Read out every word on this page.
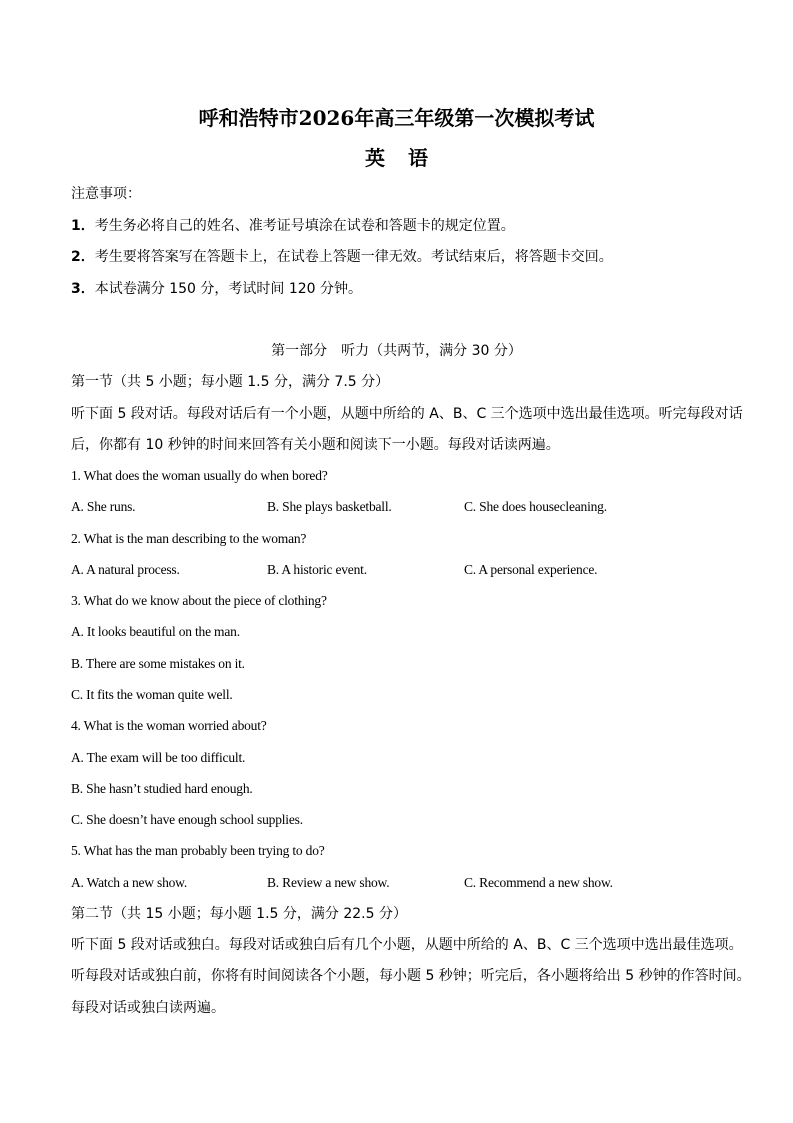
呼和浩特市2026年高三年级第一次模拟考试
英 语
注意事项：
1．考生务必将自己的姓名、准考证号填涂在试卷和答题卡的规定位置。
2．考生要将答案写在答题卡上，在试卷上答题一律无效。考试结束后，将答题卡交回。
3．本试卷满分 150 分，考试时间 120 分钟。
第一部分　听力（共两节，满分 30 分）
第一节（共 5 小题；每小题 1.5 分，满分 7.5 分）
听下面 5 段对话。每段对话后有一个小题，从题中所给的 A、B、C 三个选项中选出最佳选项。听完每段对话
后，你都有 10 秒钟的时间来回答有关小题和阅读下一小题。每段对话读两遍。
1. What does the woman usually do when bored?
A. She runs.	B. She plays basketball.	C. She does housecleaning.
2. What is the man describing to the woman?
A. A natural process.	B. A historic event.	C. A personal experience.
3. What do we know about the piece of clothing?
A. It looks beautiful on the man.
B. There are some mistakes on it.
C. It fits the woman quite well.
4. What is the woman worried about?
A. The exam will be too difficult.
B. She hasn’t studied hard enough.
C. She doesn’t have enough school supplies.
5. What has the man probably been trying to do?
A. Watch a new show.	B. Review a new show.	C. Recommend a new show.
第二节（共 15 小题；每小题 1.5 分，满分 22.5 分）
听下面 5 段对话或独白。每段对话或独白后有几个小题，从题中所给的 A、B、C 三个选项中选出最佳选项。
听每段对话或独白前，你将有时间阅读各个小题，每小题 5 秒钟；听完后，各小题将给出 5 秒钟的作答时间。
每段对话或独白读两遍。
